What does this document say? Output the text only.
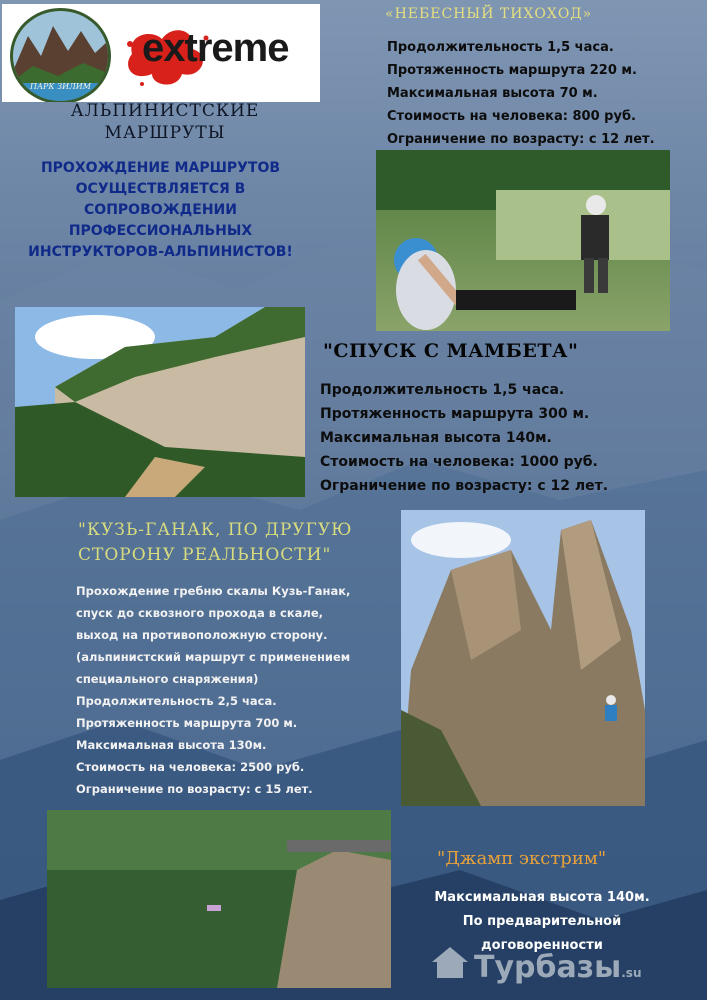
ПАРК ЗИЛИМ
extreme
АЛЬПИНИСТСКИЕ МАРШРУТЫ
ПРОХОЖДЕНИЕ МАРШРУТОВ ОСУЩЕСТВЛЯЕТСЯ В СОПРОВОЖДЕНИИ ПРОФЕССИОНАЛЬНЫХ ИНСТРУКТОРОВ-АЛЬПИНИСТОВ!
«НЕБЕСНЫЙ ТИХОХОД»
Продолжительность 1,5 часа.
Протяженность маршрута 220 м.
Максимальная высота 70 м.
Стоимость на человека: 800 руб.
Ограничение по возрасту: с 12 лет.
"СПУСК С МАМБЕТА"
Продолжительность 1,5 часа.
Протяженность маршрута 300 м.
Максимальная высота 140м.
Стоимость на человека: 1000 руб.
Ограничение по возрасту: с 12 лет.
"КУЗЬ-ГАНАК, ПО ДРУГУЮ СТОРОНУ РЕАЛЬНОСТИ"
Прохождение гребню скалы Кузь-Ганак,
спуск до сквозного прохода в скале,
выход на противоположную сторону.
(альпинистский маршрут с применением
специального снаряжения)
Продолжительность 2,5 часа.
Протяженность маршрута 700 м.
Максимальная высота 130м.
Стоимость на человека: 2500 руб.
Ограничение по возрасту: с 15 лет.
"Джамп экстрим"
Максимальная высота 140м.
По предварительной
договоренности
Турбазы.su
